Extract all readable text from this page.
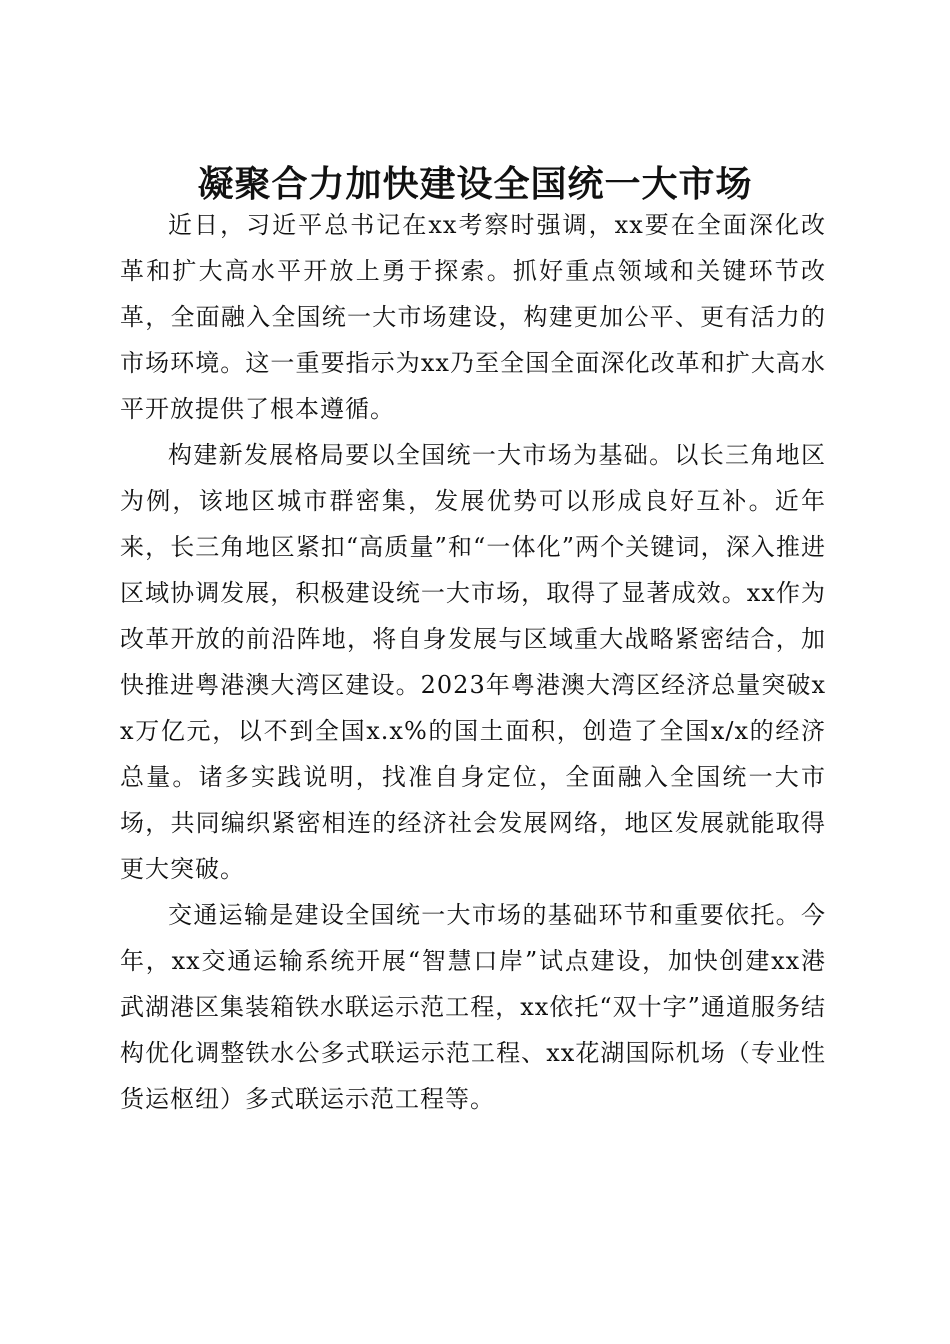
凝聚合力加快建设全国统一大市场

近日，习近平总书记在xx考察时强调，xx要在全面深化改革和扩大高水平开放上勇于探索。抓好重点领域和关键环节改革，全面融入全国统一大市场建设，构建更加公平、更有活力的市场环境。这一重要指示为xx乃至全国全面深化改革和扩大高水平开放提供了根本遵循。

构建新发展格局要以全国统一大市场为基础。以长三角地区为例，该地区城市群密集，发展优势可以形成良好互补。近年来，长三角地区紧扣“高质量”和“一体化”两个关键词，深入推进区域协调发展，积极建设统一大市场，取得了显著成效。xx作为改革开放的前沿阵地，将自身发展与区域重大战略紧密结合，加快推进粤港澳大湾区建设。2023年粤港澳大湾区经济总量突破xx万亿元，以不到全国x.x%的国土面积，创造了全国x/x的经济总量。诸多实践说明，找准自身定位，全面融入全国统一大市场，共同编织紧密相连的经济社会发展网络，地区发展就能取得更大突破。

交通运输是建设全国统一大市场的基础环节和重要依托。今年，xx交通运输系统开展“智慧口岸”试点建设，加快创建xx港武湖港区集装箱铁水联运示范工程，xx依托“双十字”通道服务结构优化调整铁水公多式联运示范工程、xx花湖国际机场（专业性货运枢纽）多式联运示范工程等。
